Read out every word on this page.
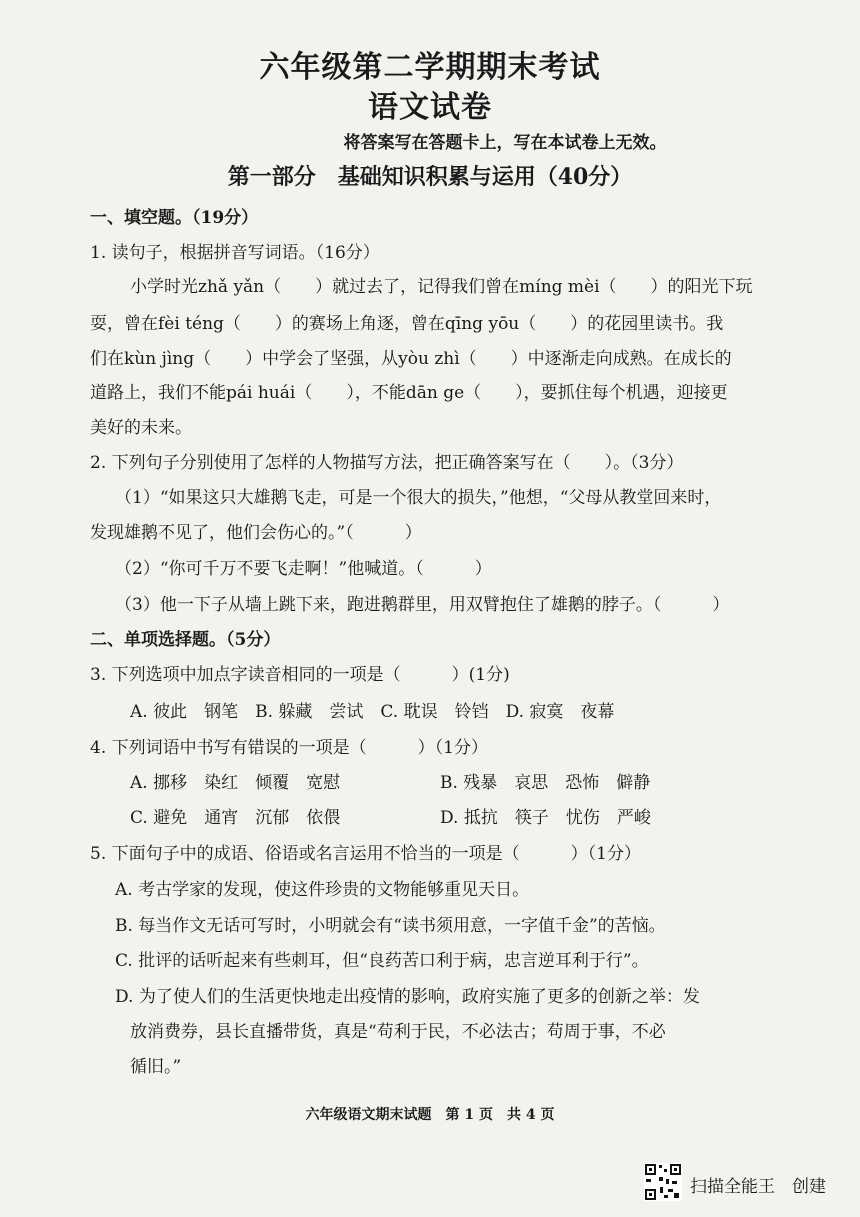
六年级第二学期期末考试
语文试卷
将答案写在答题卡上，写在本试卷上无效。
第一部分　基础知识积累与运用（40分）
一、填空题。（19分）
1. 读句子，根据拼音写词语。（16分）
小学时光zhǎ yǎn（　　）就过去了，记得我们曾在míng mèi（　　）的阳光下玩
耍，曾在fèi téng（　　）的赛场上角逐，曾在qīng yōu（　　）的花园里读书。我
们在kùn jìng（　　）中学会了坚强，从yòu zhì（　　）中逐渐走向成熟。在成长的
道路上，我们不能pái huái（　　），不能dān ge（　　），要抓住每个机遇，迎接更
美好的未来。
2. 下列句子分别使用了怎样的人物描写方法，把正确答案写在（　　）。（3分）
（1）“如果这只大雄鹅飞走，可是一个很大的损失，”他想，“父母从教堂回来时，
发现雄鹅不见了，他们会伤心的。”（　　　）
（2）“你可千万不要飞走啊！”他喊道。（　　　）
（3）他一下子从墙上跳下来，跑进鹅群里，用双臂抱住了雄鹅的脖子。（　　　）
二、单项选择题。（5分）
3. 下列选项中加点字读音相同的一项是（　　　）(1分)
A. 彼此　钢笔　B. 躲藏　尝试　C. 耽误　铃铛　D. 寂寞　夜幕
4. 下列词语中书写有错误的一项是（　　　）（1分）
A. 挪移　染红　倾覆　宽慰	B. 残暴　哀思　恐怖　僻静
C. 避免　通宵　沉郁　依偎	D. 抵抗　筷子　忧伤　严峻
5. 下面句子中的成语、俗语或名言运用不恰当的一项是（　　　）（1分）
A. 考古学家的发现，使这件珍贵的文物能够重见天日。
B. 每当作文无话可写时，小明就会有“读书须用意，一字值千金”的苦恼。
C. 批评的话听起来有些刺耳，但“良药苦口利于病，忠言逆耳利于行”。
D. 为了使人们的生活更快地走出疫情的影响，政府实施了更多的创新之举：发
放消费券，县长直播带货，真是“苟利于民，不必法古；苟周于事，不必
循旧。”
六年级语文期末试题　第 1 页　共 4 页
扫描全能王　创建
